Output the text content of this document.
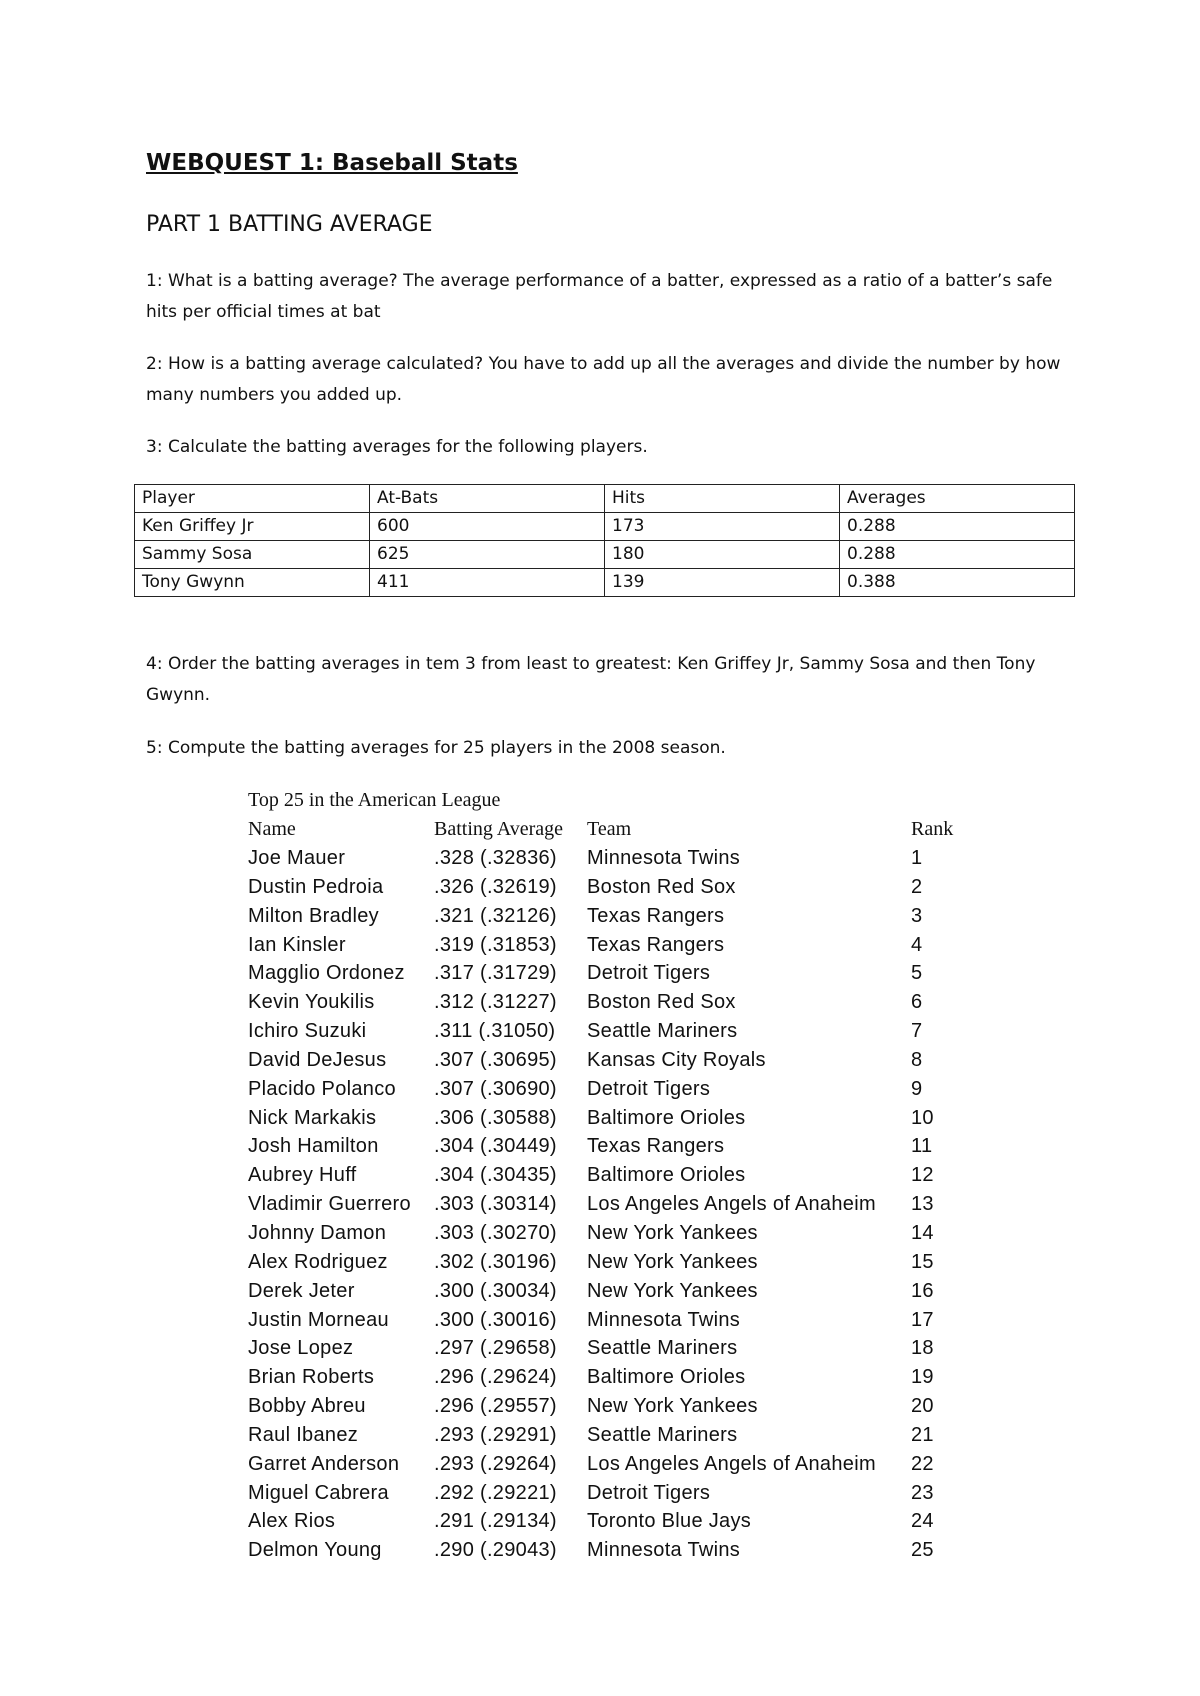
WEBQUEST 1: Baseball Stats
PART 1 BATTING AVERAGE
1: What is a batting average? The average performance of a batter, expressed as a ratio of a batter’s safe hits per official times at bat
2: How is a batting average calculated? You have to add up all the averages and divide the number by how many numbers you added up.
3: Calculate the batting averages for the following players.
Player	At-Bats	Hits	Averages
Ken Griffey Jr	600	173	0.288
Sammy Sosa	625	180	0.288
Tony Gwynn	411	139	0.388
4: Order the batting averages in tem 3 from least to greatest: Ken Griffey Jr, Sammy Sosa and then Tony Gwynn.
5: Compute the batting averages for 25 players in the 2008 season.
Top 25 in the American League
Name	Batting Average	Team	Rank
Joe Mauer	.328 (.32836)	Minnesota Twins	1
Dustin Pedroia	.326 (.32619)	Boston Red Sox	2
Milton Bradley	.321 (.32126)	Texas Rangers	3
Ian Kinsler	.319 (.31853)	Texas Rangers	4
Magglio Ordonez	.317 (.31729)	Detroit Tigers	5
Kevin Youkilis	.312 (.31227)	Boston Red Sox	6
Ichiro Suzuki	.311 (.31050)	Seattle Mariners	7
David DeJesus	.307 (.30695)	Kansas City Royals	8
Placido Polanco	.307 (.30690)	Detroit Tigers	9
Nick Markakis	.306 (.30588)	Baltimore Orioles	10
Josh Hamilton	.304 (.30449)	Texas Rangers	11
Aubrey Huff	.304 (.30435)	Baltimore Orioles	12
Vladimir Guerrero	.303 (.30314)	Los Angeles Angels of Anaheim	13
Johnny Damon	.303 (.30270)	New York Yankees	14
Alex Rodriguez	.302 (.30196)	New York Yankees	15
Derek Jeter	.300 (.30034)	New York Yankees	16
Justin Morneau	.300 (.30016)	Minnesota Twins	17
Jose Lopez	.297 (.29658)	Seattle Mariners	18
Brian Roberts	.296 (.29624)	Baltimore Orioles	19
Bobby Abreu	.296 (.29557)	New York Yankees	20
Raul Ibanez	.293 (.29291)	Seattle Mariners	21
Garret Anderson	.293 (.29264)	Los Angeles Angels of Anaheim	22
Miguel Cabrera	.292 (.29221)	Detroit Tigers	23
Alex Rios	.291 (.29134)	Toronto Blue Jays	24
Delmon Young	.290 (.29043)	Minnesota Twins	25
